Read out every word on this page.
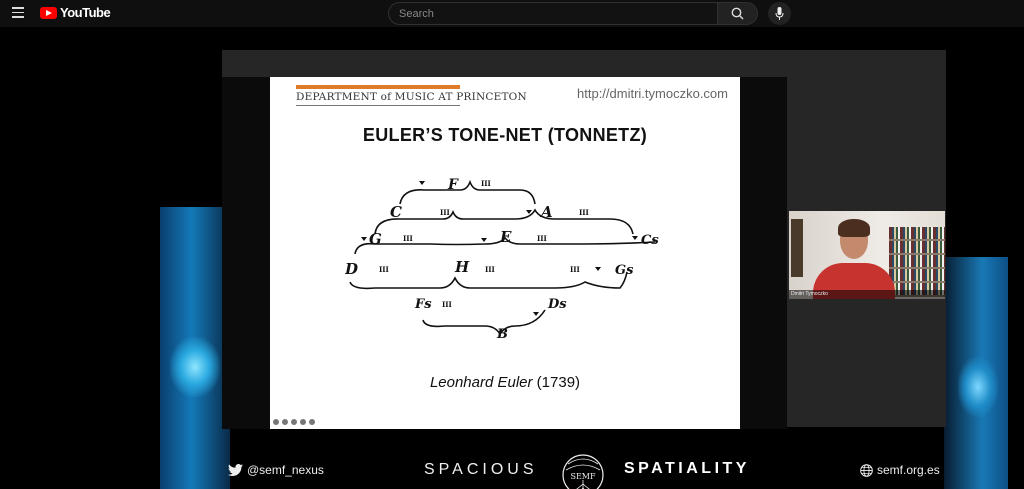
YouTube
Search
DEPARTMENT of MUSIC AT PRINCETON	http://dmitri.tymoczko.com
EULER’S TONE-NET (TONNETZ)
F
C	A
G	E	Cs
D	H	Gs
Fs	Ds
B
III
III	III
III	III
III	III	III
III
Leonhard Euler (1739)
Dmitri Tymoczko
@semf_nexus	SPACIOUS	SEMF SPATIALITY	semf.org.es
